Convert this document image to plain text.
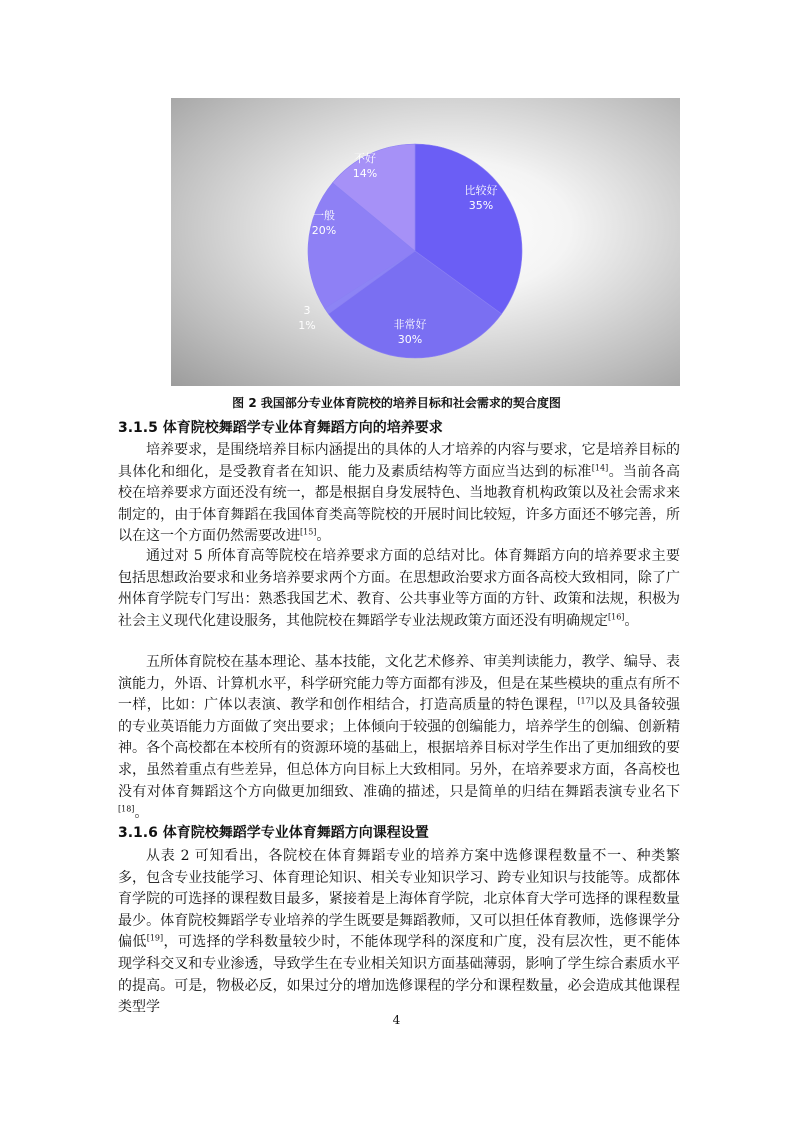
比较好
35%
非常好
30%
3
1%
一般
20%
不好
14%
图 2 我国部分专业体育院校的培养目标和社会需求的契合度图
3.1.5 体育院校舞蹈学专业体育舞蹈方向的培养要求

培养要求，是围绕培养目标内涵提出的具体的人才培养的内容与要求，它是培养目标的具体化和细化，是受教育者在知识、能力及素质结构等方面应当达到的标准[14]。当前各高校在培养要求方面还没有统一，都是根据自身发展特色、当地教育机构政策以及社会需求来制定的，由于体育舞蹈在我国体育类高等院校的开展时间比较短，许多方面还不够完善，所以在这一个方面仍然需要改进[15]。

通过对 5 所体育高等院校在培养要求方面的总结对比。体育舞蹈方向的培养要求主要包括思想政治要求和业务培养要求两个方面。在思想政治要求方面各高校大致相同，除了广州体育学院专门写出：熟悉我国艺术、教育、公共事业等方面的方针、政策和法规，积极为社会主义现代化建设服务，其他院校在舞蹈学专业法规政策方面还没有明确规定[16]。

五所体育院校在基本理论、基本技能，文化艺术修养、审美判读能力，教学、编导、表演能力，外语、计算机水平，科学研究能力等方面都有涉及，但是在某些模块的重点有所不一样，比如：广体以表演、教学和创作相结合，打造高质量的特色课程，[17]以及具备较强的专业英语能力方面做了突出要求；上体倾向于较强的创编能力，培养学生的创编、创新精神。各个高校都在本校所有的资源环境的基础上，根据培养目标对学生作出了更加细致的要求，虽然着重点有些差异，但总体方向目标上大致相同。另外，在培养要求方面，各高校也没有对体育舞蹈这个方向做更加细致、准确的描述，只是简单的归结在舞蹈表演专业名下[18]。

3.1.6 体育院校舞蹈学专业体育舞蹈方向课程设置

从表 2 可知看出，各院校在体育舞蹈专业的培养方案中选修课程数量不一、种类繁多，包含专业技能学习、体育理论知识、相关专业知识学习、跨专业知识与技能等。成都体育学院的可选择的课程数目最多，紧接着是上海体育学院，北京体育大学可选择的课程数量最少。体育院校舞蹈学专业培养的学生既要是舞蹈教师，又可以担任体育教师，选修课学分偏低[19]，可选择的学科数量较少时，不能体现学科的深度和广度，没有层次性，更不能体现学科交叉和专业渗透，导致学生在专业相关知识方面基础薄弱，影响了学生综合素质水平的提高。可是，物极必反，如果过分的增加选修课程的学分和课程数量，必会造成其他课程类型学

4
